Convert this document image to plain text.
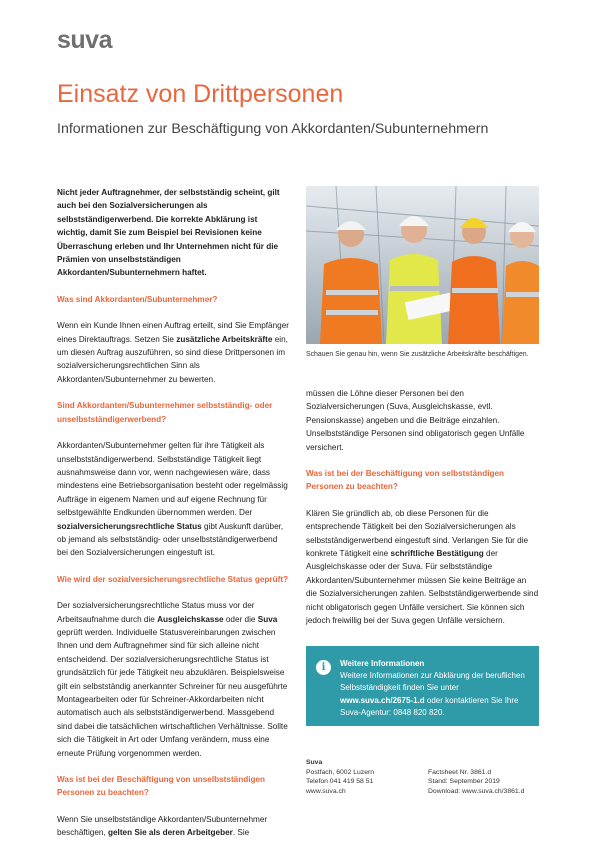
suva
Einsatz von Drittpersonen
Informationen zur Beschäftigung von Akkordanten/Subunternehmern

Nicht jeder Auftragnehmer, der selbstständig scheint, gilt auch bei den Sozialversicherungen als selbstständigerwerbend. Die korrekte Abklärung ist wichtig, damit Sie zum Beispiel bei Revisionen keine Überraschung erleben und Ihr Unternehmen nicht für die Prämien von unselbstständigen Akkordanten/Subunternehmern haftet.

Was sind Akkordanten/Subunternehmer?

Wenn ein Kunde Ihnen einen Auftrag erteilt, sind Sie Empfänger eines Direktauftrags. Setzen Sie zusätzliche Arbeitskräfte ein, um diesen Auftrag auszuführen, so sind diese Drittpersonen im sozialversicherungsrechtlichen Sinn als Akkordanten/Subunternehmer zu bewerten.

Sind Akkordanten/Subunternehmer selbstständig- oder unselbstständigerwerbend?

Akkordanten/Subunternehmer gelten für ihre Tätigkeit als unselbstständigerwerbend. Selbstständige Tätigkeit liegt ausnahmsweise dann vor, wenn nachgewiesen wäre, dass mindestens eine Betriebsorganisation besteht oder regelmässig Aufträge in eigenem Namen und auf eigene Rechnung für selbstgewählte Endkunden übernommen werden. Der sozialversicherungsrechtliche Status gibt Auskunft darüber, ob jemand als selbstständig- oder unselbstständigerwerbend bei den Sozialversicherungen eingestuft ist.

Wie wird der sozialversicherungsrechtliche Status geprüft?

Der sozialversicherungsrechtliche Status muss vor der Arbeitsaufnahme durch die Ausgleichskasse oder die Suva geprüft werden. Individuelle Statusvereinbarungen zwischen Ihnen und dem Auftragnehmer sind für sich alleine nicht entscheidend. Der sozialversicherungsrechtliche Status ist grundsätzlich für jede Tätigkeit neu abzuklären. Beispielsweise gilt ein selbstständig anerkannter Schreiner für neu ausgeführte Montagearbeiten oder für Schreiner-Akkordarbeiten nicht automatisch auch als selbstständigerwerbend. Massgebend sind dabei die tatsächlichen wirtschaftlichen Verhältnisse. Sollte sich die Tätigkeit in Art oder Umfang verändern, muss eine erneute Prüfung vorgenommen werden.

Was ist bei der Beschäftigung von unselbstständigen Personen zu beachten?

Wenn Sie unselbstständige Akkordanten/Subunternehmer beschäftigen, gelten Sie als deren Arbeitgeber. Sie

Schauen Sie genau hin, wenn Sie zusätzliche Arbeitskräfte beschäftigen.

müssen die Löhne dieser Personen bei den Sozialversicherungen (Suva, Ausgleichskasse, evtl. Pensionskasse) angeben und die Beiträge einzahlen. Unselbstständige Personen sind obligatorisch gegen Unfälle versichert.

Was ist bei der Beschäftigung von selbstständigen Personen zu beachten?

Klären Sie gründlich ab, ob diese Personen für die entsprechende Tätigkeit bei den Sozialversicherungen als selbstständigerwerbend eingestuft sind. Verlangen Sie für die konkrete Tätigkeit eine schriftliche Bestätigung der Ausgleichskasse oder der Suva. Für selbstständige Akkordanten/Subunternehmer müssen Sie keine Beiträge an die Sozialversicherungen zahlen. Selbstständigerwerbende sind nicht obligatorisch gegen Unfälle versichert. Sie können sich jedoch freiwillig bei der Suva gegen Unfälle versichern.

i	Weitere Informationen
Weitere Informationen zur Abklärung der beruflichen Selbstständigkeit finden Sie unter www.suva.ch/2675-1.d oder kontaktieren Sie Ihre Suva-Agentur: 0848 820 820.
Suva
Postfach, 6002 Luzern
Telefon 041 419 58 51
www.suva.ch

Factsheet Nr. 3861.d
Stand: September 2019
Download: www.suva.ch/3861.d
